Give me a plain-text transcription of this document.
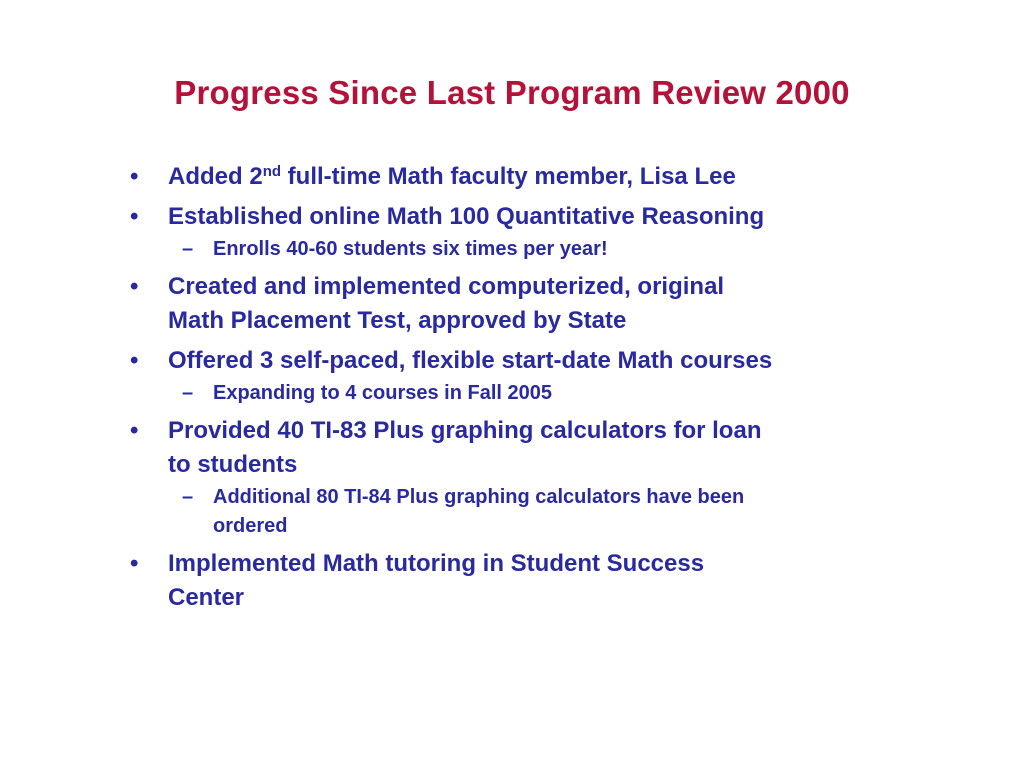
Progress Since Last Program Review 2000
• Added 2nd full-time Math faculty member, Lisa Lee
• Established online Math 100 Quantitative Reasoning
– Enrolls 40-60 students six times per year!
• Created and implemented computerized, original
Math Placement Test, approved by State
• Offered 3 self-paced, flexible start-date Math courses
– Expanding to 4 courses in Fall 2005
• Provided 40 TI-83 Plus graphing calculators for loan
to students
– Additional 80 TI-84 Plus graphing calculators have been
ordered
• Implemented Math tutoring in Student Success
Center
